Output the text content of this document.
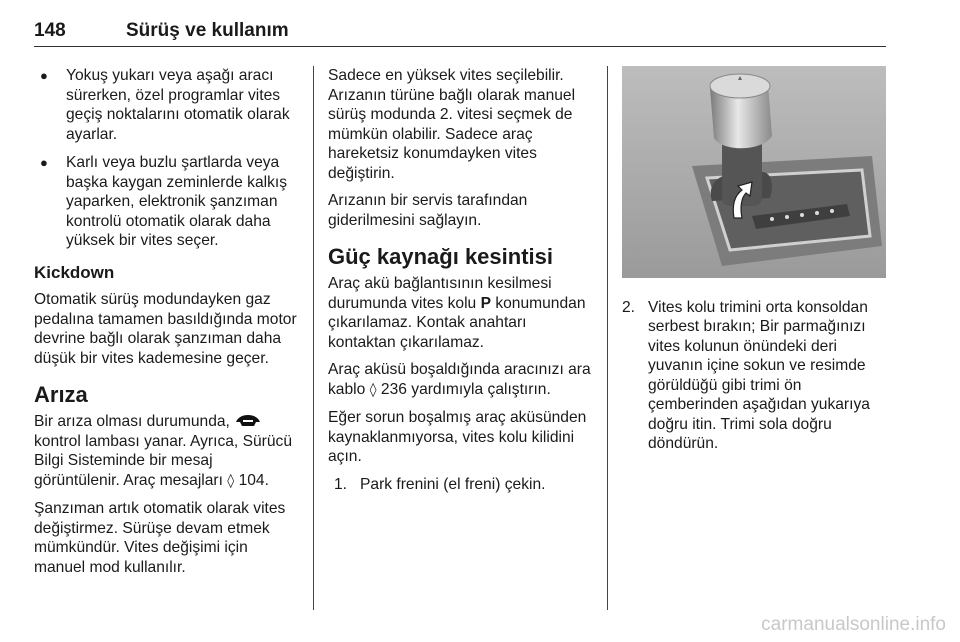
148	Sürüş ve kullanım
● Yokuş yukarı veya aşağı aracı sürerken, özel programlar vites geçiş noktalarını otomatik olarak ayarlar.
● Karlı veya buzlu şartlarda veya başka kaygan zeminlerde kalkış yaparken, elektronik şanzıman kontrolü otomatik olarak daha yüksek bir vites seçer.
Kickdown

Otomatik sürüş modundayken gaz pedalına tamamen basıldığında motor devrine bağlı olarak şanzıman daha düşük bir vites kademesine geçer.

Arıza

Bir arıza olması durumunda,  kontrol lambası yanar. Ayrıca, Sürücü Bilgi Sisteminde bir mesaj görüntülenir. Araç mesajları ◊ 104.

Şanzıman artık otomatik olarak vites değiştirmez. Sürüşe devam etmek mümkündür. Vites değişimi için manuel mod kullanılır.

Sadece en yüksek vites seçilebilir. Arızanın türüne bağlı olarak manuel sürüş modunda 2. vitesi seçmek de mümkün olabilir. Sadece araç hareketsiz konumdayken vites değiştirin.

Arızanın bir servis tarafından giderilmesini sağlayın.

Güç kaynağı kesintisi

Araç akü bağlantısının kesilmesi durumunda vites kolu P konumundan çıkarılamaz. Kontak anahtarı kontaktan çıkarılamaz.

Araç aküsü boşaldığında aracınızı ara kablo ◊ 236 yardımıyla çalıştırın.

Eğer sorun boşalmış araç aküsünden kaynaklanmıyorsa, vites kolu kilidini açın.

1. Park frenini (el freni) çekin.
2. Vites kolu trimini orta konsoldan serbest bırakın; Bir parmağınızı vites kolunun önündeki deri yuvanın içine sokun ve resimde görüldüğü gibi trimi ön çemberinden aşağıdan yukarıya doğru itin. Trimi sola doğru döndürün.
carmanualsonline.info
